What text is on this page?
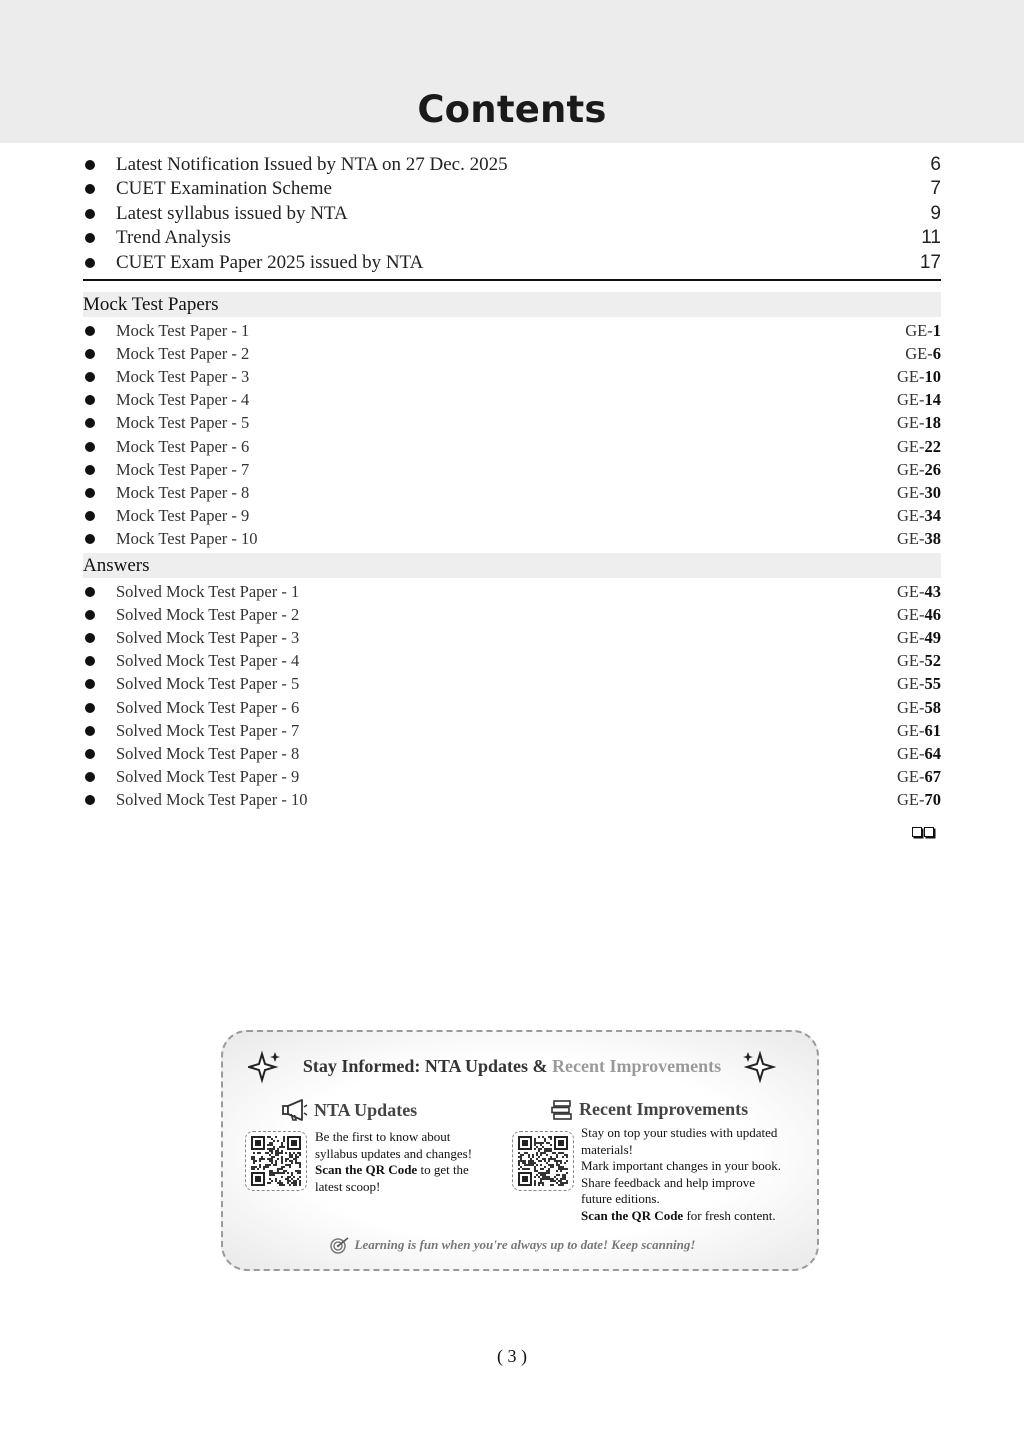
Contents
Latest Notification Issued by NTA on 27 Dec. 2025	6
CUET Examination Scheme	7
Latest syllabus issued by NTA	9
Trend Analysis	11
CUET Exam Paper 2025 issued by NTA	17
Mock Test Papers
Mock Test Paper - 1	GE-1
Mock Test Paper - 2	GE-6
Mock Test Paper - 3	GE-10
Mock Test Paper - 4	GE-14
Mock Test Paper - 5	GE-18
Mock Test Paper - 6	GE-22
Mock Test Paper - 7	GE-26
Mock Test Paper - 8	GE-30
Mock Test Paper - 9	GE-34
Mock Test Paper - 10	GE-38
Answers
Solved Mock Test Paper - 1	GE-43
Solved Mock Test Paper - 2	GE-46
Solved Mock Test Paper - 3	GE-49
Solved Mock Test Paper - 4	GE-52
Solved Mock Test Paper - 5	GE-55
Solved Mock Test Paper - 6	GE-58
Solved Mock Test Paper - 7	GE-61
Solved Mock Test Paper - 8	GE-64
Solved Mock Test Paper - 9	GE-67
Solved Mock Test Paper - 10	GE-70
Stay Informed: NTA Updates & Recent Improvements
NTA Updates
Be the first to know about
syllabus updates and changes!
Scan the QR Code to get the
latest scoop!
Recent Improvements
Stay on top your studies with updated
materials!
Mark important changes in your book.
Share feedback and help improve
future editions.
Scan the QR Code for fresh content.
Learning is fun when you're always up to date! Keep scanning!
( 3 )
